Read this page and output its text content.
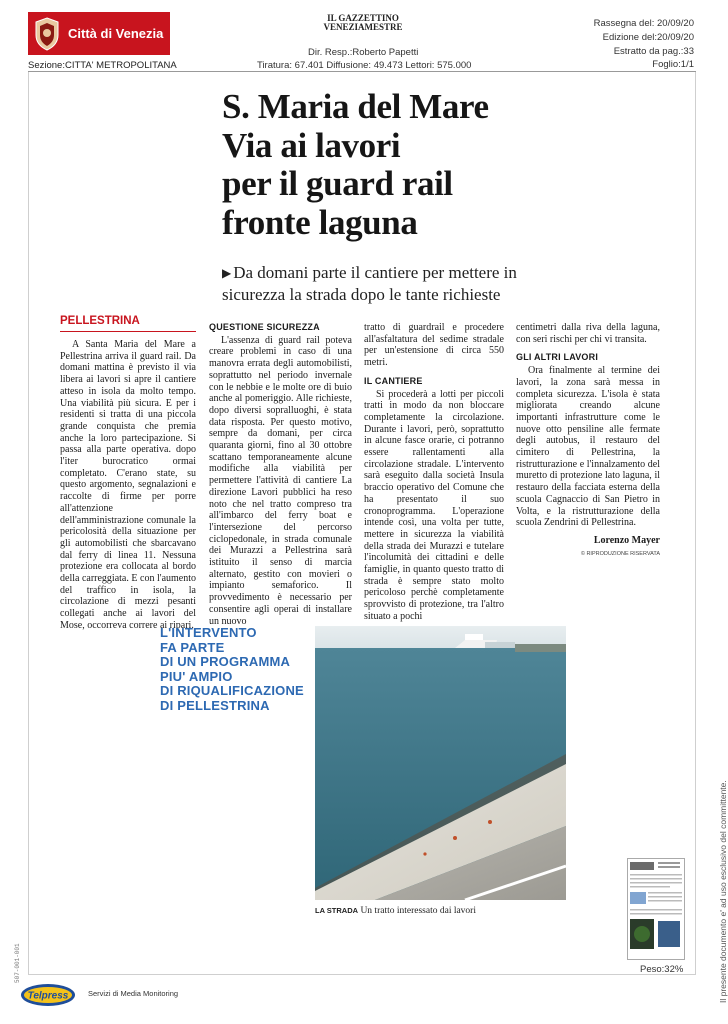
Città di Venezia
Sezione:CITTA' METROPOLITANA
IL GAZZETTINO
VENEZIAMESTRE
Dir. Resp.:Roberto Papetti
Tiratura: 67.401 Diffusione: 49.473 Lettori: 575.000
Rassegna del: 20/09/20
Edizione del:20/09/20
Estratto da pag.:33
Foglio:1/1
S. Maria del Mare
Via ai lavori
per il guard rail
fronte laguna
▶ Da domani parte il cantiere per mettere in sicurezza la strada dopo le tante richieste
PELLESTRINA

A Santa Maria del Mare a Pellestrina arriva il guard rail. Da domani mattina è previsto il via libera ai lavori si apre il cantiere atteso in isola da molto tempo. Una viabilità più sicura. E per i residenti si tratta di una piccola grande conquista che premia anche la loro partecipazione. Si passa alla parte operativa. dopo l'iter burocratico ormai completato. C'erano state, su questo argomento, segnalazioni e raccolte di firme per porre all'attenzione dell'amministrazione comunale la pericolosità della situazione per gli automobilisti che sbarcavano dal ferry di linea 11. Nessuna protezione era collocata al bordo della carreggiata. E con l'aumento del traffico in isola, la circolazione di mezzi pesanti collegati anche ai lavori del Mose, occorreva correre ai ripari.

QUESTIONE SICUREZZA

L'assenza di guard rail poteva creare problemi in caso di una manovra errata degli automobilisti, soprattutto nel periodo invernale con le nebbie e le molte ore di buio anche al pomeriggio. Alle richieste, dopo diversi sopralluoghi, è stata data risposta. Per questo motivo, sempre da domani, per circa quaranta giorni, fino al 30 ottobre scattano temporaneamente alcune modifiche alla viabilità per permettere l'attività di cantiere La direzione Lavori pubblici ha reso noto che nel tratto compreso tra all'imbarco del ferry boat e l'intersezione del percorso ciclopedonale, in strada comunale dei Murazzi a Pellestrina sarà istituito il senso di marcia alternato, gestito con movieri o impianto semaforico. Il provvedimento è necessario per consentire agli operai di installare un nuovo

tratto di guardrail e procedere all'asfaltatura del sedime stradale per un'estensione di circa 550 metri.

IL CANTIERE

Si procederà a lotti per piccoli tratti in modo da non bloccare completamente la circolazione. Durante i lavori, però, soprattutto in alcune fasce orarie, ci potranno essere rallentamenti alla circolazione stradale. L'intervento sarà eseguito dalla società Insula braccio operativo del Comune che ha presentato il suo cronoprogramma. L'operazione intende così, una volta per tutte, mettere in sicurezza la viabilità della strada dei Murazzi e tutelare l'incolumità dei cittadini e delle famiglie, in quanto questo tratto di strada è sempre stato molto pericoloso perchè completamente sprovvisto di protezione, tra l'altro situato a pochi

centimetri dalla riva della laguna, con seri rischi per chi vi transita.

GLI ALTRI LAVORI

Ora finalmente al termine dei lavori, la zona sarà messa in completa sicurezza. L'isola è stata migliorata creando alcune importanti infrastrutture come le nuove otto pensiline alle fermate degli autobus, il restauro del cimitero di Pellestrina, la ristrutturazione e l'innalzamento del muretto di protezione lato laguna, il restauro della facciata esterna della scuola Cagnaccio di San Pietro in Volta, e la ristrutturazione della scuola Zendrini di Pellestrina.

Lorenzo Mayer
© RIPRODUZIONE RISERVATA
L'INTERVENTO
FA PARTE
DI UN PROGRAMMA
PIU' AMPIO
DI RIQUALIFICAZIONE
DI PELLESTRINA
LA STRADA Un tratto interessato dai lavori
Peso:32%	Il presente documento e' ad uso esclusivo del committente.
507-001-001
Telpress	Servizi di Media Monitoring
